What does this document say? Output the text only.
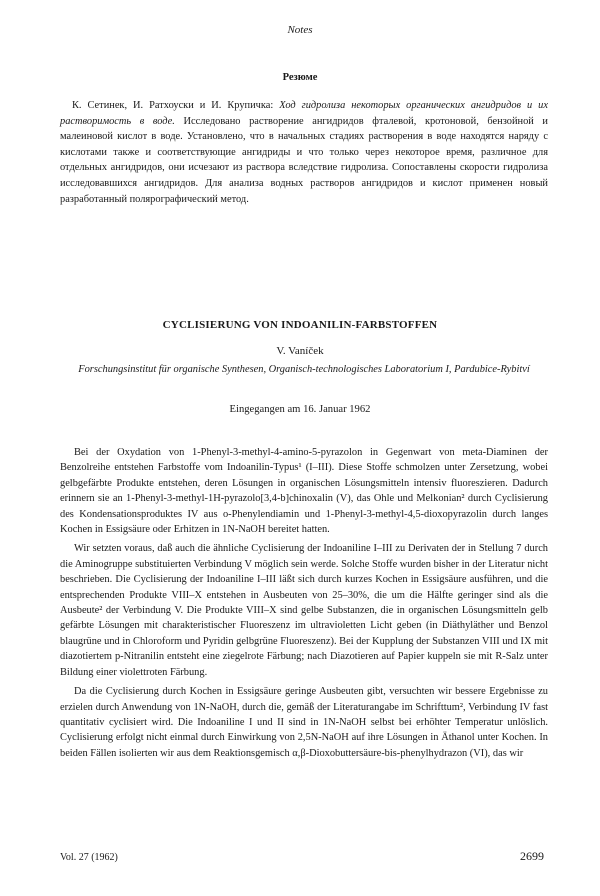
Notes
Резюме
К. Сетинек, И. Ратхоуски и И. Крупичка: Ход гидролиза некоторых органических ангидридов и их растворимость в воде. Исследовано растворение ангидридов фталевой, кротоновой, бензойной и малеиновой кислот в воде. Установлено, что в начальных стадиях растворения в воде находятся наряду с кислотами также и соответствующие ангидриды и что только через некоторое время, различное для отдельных ангидридов, они исчезают из раствора вследствие гидролиза. Сопоставлены скорости гидролиза исследовавшихся ангидридов. Для анализа водных растворов ангидридов и кислот применен новый разработанный полярографический метод.
CYCLISIERUNG VON INDOANILIN-FARBSTOFFEN
V. Vaníček
Forschungsinstitut für organische Synthesen, Organisch-technologisches Laboratorium I, Pardubice-Rybitví
Eingegangen am 16. Januar 1962

Bei der Oxydation von 1-Phenyl-3-methyl-4-amino-5-pyrazolon in Gegenwart von meta-Diaminen der Benzolreihe entstehen Farbstoffe vom Indoanilin-Typus¹ (I–III). Diese Stoffe schmolzen unter Zersetzung, wobei gelbgefärbte Produkte entstehen, deren Lösungen in organischen Lösungsmitteln intensiv fluoreszieren. Dadurch erinnern sie an 1-Phenyl-3-methyl-1H-pyrazolo[3,4-b]chinoxalin (V), das Ohle und Melkonian² durch Cyclisierung des Kondensationsproduktes IV aus o-Phenylendiamin und 1-Phenyl-3-methyl-4,5-dioxopyrazolin durch langes Kochen in Essigsäure oder Erhitzen in 1N-NaOH bereitet hatten.

Wir setzten voraus, daß auch die ähnliche Cyclisierung der Indoaniline I–III zu Derivaten der in Stellung 7 durch die Aminogruppe substituierten Verbindung V möglich sein werde. Solche Stoffe wurden bisher in der Literatur nicht beschrieben. Die Cyclisierung der Indoaniline I–III läßt sich durch kurzes Kochen in Essigsäure ausführen, und die entsprechenden Produkte VIII–X entstehen in Ausbeuten von 25–30%, die um die Hälfte geringer sind als die Ausbeute² der Verbindung V. Die Produkte VIII–X sind gelbe Substanzen, die in organischen Lösungsmitteln gelb gefärbte Lösungen mit charakteristischer Fluoreszenz im ultravioletten Licht geben (in Diäthyläther und Benzol blaugrüne und in Chloroform und Pyridin gelbgrüne Fluoreszenz). Bei der Kupplung der Substanzen VIII und IX mit diazotiertem p-Nitranilin entsteht eine ziegelrote Färbung; nach Diazotieren auf Papier kuppeln sie mit R-Salz unter Bildung einer violettroten Färbung.

Da die Cyclisierung durch Kochen in Essigsäure geringe Ausbeuten gibt, versuchten wir bessere Ergebnisse zu erzielen durch Anwendung von 1N-NaOH, durch die, gemäß der Literaturangabe im Schrifttum², Verbindung IV fast quantitativ cyclisiert wird. Die Indoaniline I und II sind in 1N-NaOH selbst bei erhöhter Temperatur unlöslich. Cyclisierung erfolgt nicht einmal durch Einwirkung von 2,5N-NaOH auf ihre Lösungen in Äthanol unter Kochen. In beiden Fällen isolierten wir aus dem Reaktionsgemisch α,β-Dioxobuttersäure-bis-phenylhydrazon (VI), das wir

Vol. 27 (1962)	2699
